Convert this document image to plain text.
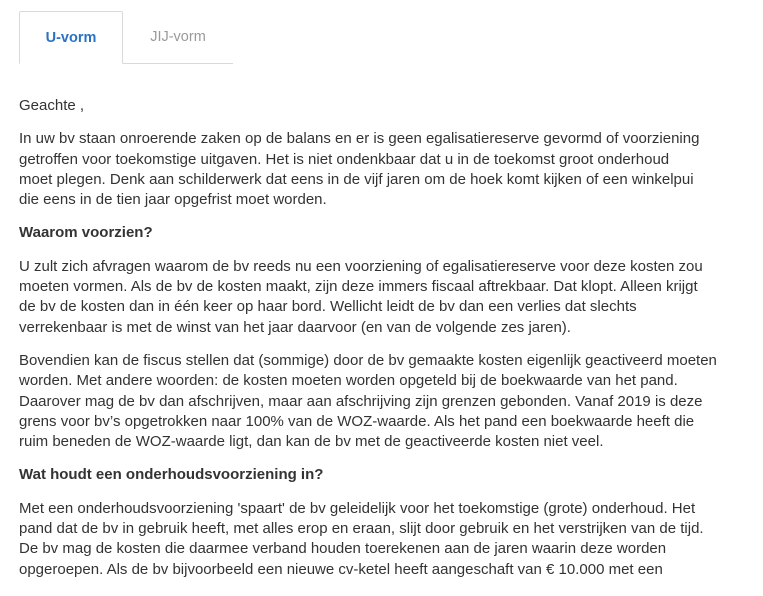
U-vorm	JIJ-vorm

Geachte ,

In uw bv staan onroerende zaken op de balans en er is geen egalisatiereserve gevormd of voorziening
getroffen voor toekomstige uitgaven. Het is niet ondenkbaar dat u in de toekomst groot onderhoud
moet plegen. Denk aan schilderwerk dat eens in de vijf jaren om de hoek komt kijken of een winkelpui
die eens in de tien jaar opgefrist moet worden.

Waarom voorzien?

U zult zich afvragen waarom de bv reeds nu een voorziening of egalisatiereserve voor deze kosten zou
moeten vormen. Als de bv de kosten maakt, zijn deze immers fiscaal aftrekbaar. Dat klopt. Alleen krijgt
de bv de kosten dan in één keer op haar bord. Wellicht leidt de bv dan een verlies dat slechts
verrekenbaar is met de winst van het jaar daarvoor (en van de volgende zes jaren).

Bovendien kan de fiscus stellen dat (sommige) door de bv gemaakte kosten eigenlijk geactiveerd moeten
worden. Met andere woorden: de kosten moeten worden opgeteld bij de boekwaarde van het pand.
Daarover mag de bv dan afschrijven, maar aan afschrijving zijn grenzen gebonden. Vanaf 2019 is deze
grens voor bv’s opgetrokken naar 100% van de WOZ-waarde. Als het pand een boekwaarde heeft die
ruim beneden de WOZ-waarde ligt, dan kan de bv met de geactiveerde kosten niet veel.

Wat houdt een onderhoudsvoorziening in?

Met een onderhoudsvoorziening 'spaart' de bv geleidelijk voor het toekomstige (grote) onderhoud. Het
pand dat de bv in gebruik heeft, met alles erop en eraan, slijt door gebruik en het verstrijken van de tijd.
De bv mag de kosten die daarmee verband houden toerekenen aan de jaren waarin deze worden
opgeroepen. Als de bv bijvoorbeeld een nieuwe cv-ketel heeft aangeschaft van € 10.000 met een
